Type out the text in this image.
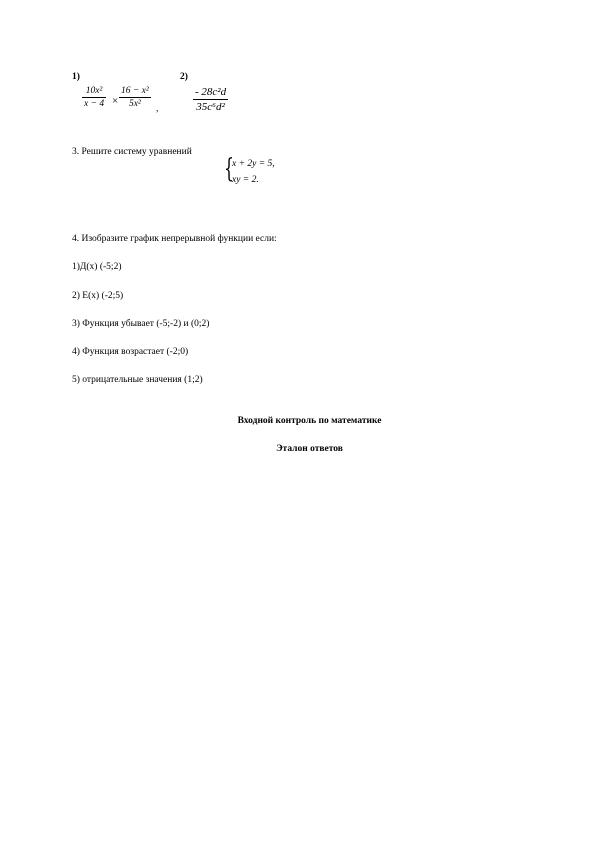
1)
10x²
x − 4 ×
16 − x²
5x²	,
2)
- 28c²d
35c⁶d²
3. Решите систему уравнений
{
x + 2y = 5,
xy = 2.
4. Изобразите график непрерывной функции если:
1)Д(х) (-5;2)
2) Е(х) (-2;5)
3) Функция убывает (-5;-2) и (0;2)
4) Функция возрастает (-2;0)
5) отрицательные значения (1;2)
Входной контроль по математике
Эталон ответов
